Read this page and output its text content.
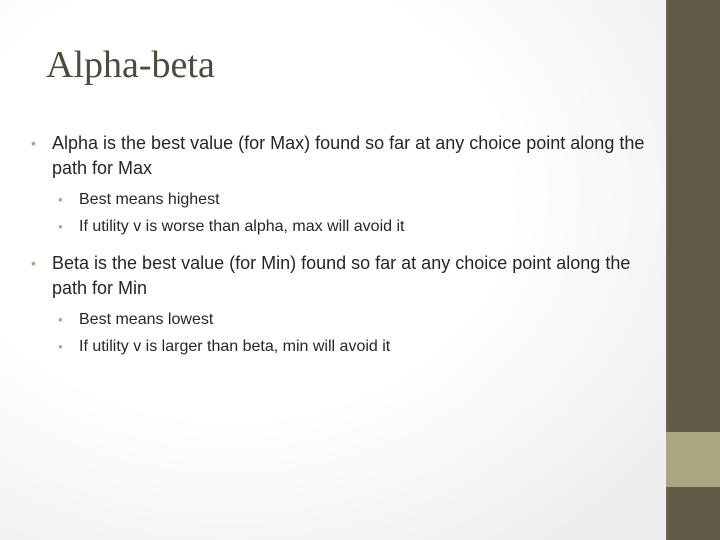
Alpha-beta

• Alpha is the best value (for Max) found so far at any choice point along the path for Max

• Best means highest

• If utility v is worse than alpha, max will avoid it

• Beta is the best value (for Min) found so far at any choice point along the path for Min

• Best means lowest

• If utility v is larger than beta, min will avoid it
